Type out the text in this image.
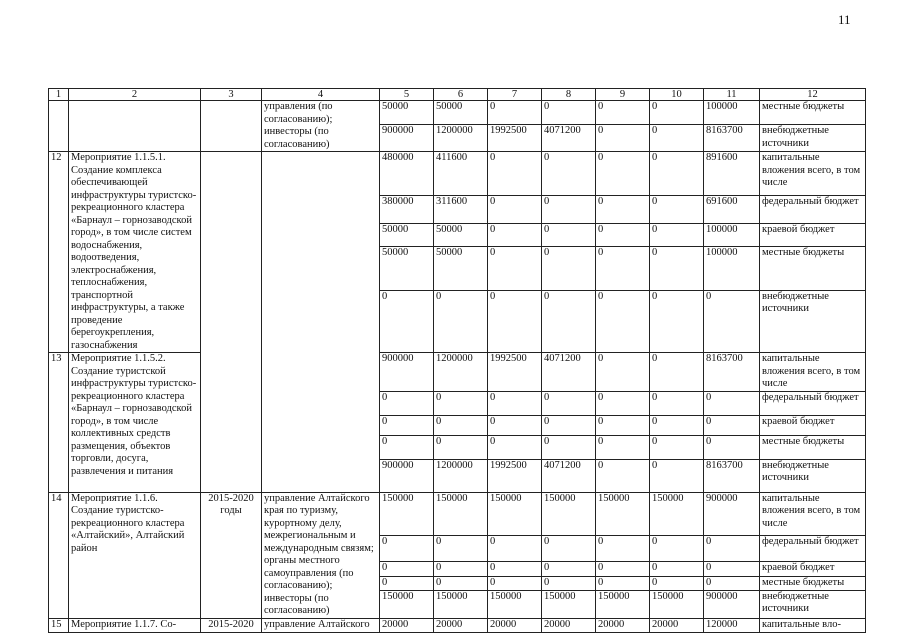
11
1	2	3	4	5	6	7	8	9	10	11	12
			управления (по согласованию); инвесторы (по согласованию)	50000	50000	0	0	0	0	100000	местные бюджеты
				900000	1200000	1992500	4071200	0	0	8163700	внебюджетные источники
12	Мероприятие 1.1.5.1. Создание комплекса обеспечивающей инфраструктуры туристско-рекреационного кластера «Барнаул – горнозаводской город», в том числе систем водоснабжения, водоотведения, электроснабжения, теплоснабжения, транспортной инфраструктуры, а также проведение берегоукрепления, газоснабжения			480000	411600	0	0	0	0	891600	капитальные вложения всего, в том числе
				380000	311600	0	0	0	0	691600	федеральный бюджет
				50000	50000	0	0	0	0	100000	краевой бюджет
				50000	50000	0	0	0	0	100000	местные бюджеты
				0	0	0	0	0	0	0	внебюджетные источники
13	Мероприятие 1.1.5.2. Создание туристской инфраструктуры туристско-рекреационного кластера «Барнаул – горнозаводской город», в том числе коллективных средств размещения, объектов торговли, досуга, развлечения и питания			900000	1200000	1992500	4071200	0	0	8163700	капитальные вложения всего, в том числе
				0	0	0	0	0	0	0	федеральный бюджет
				0	0	0	0	0	0	0	краевой бюджет
				0	0	0	0	0	0	0	местные бюджеты
				900000	1200000	1992500	4071200	0	0	8163700	внебюджетные источники
14	Мероприятие 1.1.6. Создание туристско-рекреационного кластера «Алтайский», Алтайский район	2015-2020 годы	управление Алтайского края по туризму, курортному делу, межрегиональным и международным связям; органы местного самоуправления (по согласованию); инвесторы (по согласованию)	150000	150000	150000	150000	150000	150000	900000	капитальные вложения всего, в том числе
				0	0	0	0	0	0	0	федеральный бюджет
				0	0	0	0	0	0	0	краевой бюджет
				0	0	0	0	0	0	0	местные бюджеты
				150000	150000	150000	150000	150000	150000	900000	внебюджетные источники
15	Мероприятие 1.1.7. Со-	2015-2020	управление Алтайского	20000	20000	20000	20000	20000	20000	120000	капитальные вло-
